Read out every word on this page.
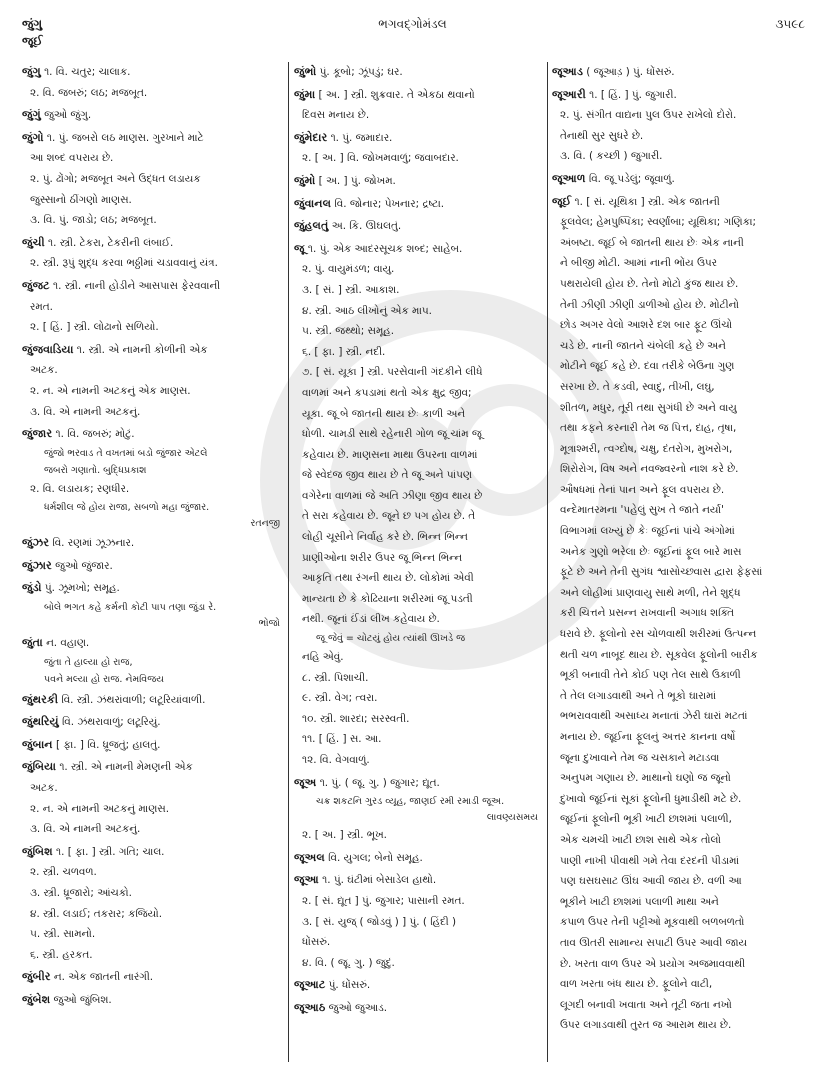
જુંગુ
જૂઈ
ભગવદ્ગોમંડલ	૩૫૯૮
જુંગુ ૧. વિ. ચતુર; ચાલાક.
૨. વિ. જબરું; લઠ; મજબૂત.
જુંગું જુઓ જુંગુ.
જુંગો ૧. પું. જબરો લઠ માણસ. ગુરખાને માટે
આ શબ્દ વપરાય છે.
૨. પું. ઢોંગો; મજબૂત અને ઉદ્ધત લડાયક
જુસ્સાનો ઠીંગણો માણસ.
૩. વિ. પું. જાડો; લઠ; મજબૂત.
જુંચી ૧. સ્ત્રી. ટેકરા, ટેકરીની લંબાઈ.
૨. સ્ત્રી. રૂપું શુદ્ધ કરવા ભઠ્ઠીમાં ચડાવવાનું યંત્ર.
જુંજટ ૧. સ્ત્રી. નાની હોડીને આસપાસ ફેરવવાની
રમત.
૨. [ હિં. ] સ્ત્રી. લોઢાનો સળિયો.
જુંજવાડિયા ૧. સ્ત્રી. એ નામની કોળીની એક
અટક.
૨. ન. એ નામની અટકનું એક માણસ.
૩. વિ. એ નામની અટકનું.
જુંજાર ૧. વિ. જબરું; મોટું.
જુંજો ભરવાડ તે વખતમાં બડો જુંજાર એટલે
જબરો ગણાતો. બુદ્ધિપ્રકાશ
૨. વિ. લડાયક; રણધીર.
ધર્મશીલ જે હોય રાજા, સબળો મહા જુંજાર.
રતનજી
જુંઝર વિ. રણમાં ઝૂઝનાર.
જુંઝાર જુઓ જુંજાર.
જુંડો પું. ઝૂમખો; સમૂહ.
બોલે ભગત કહે કર્મની કોટી પાપ તણા જુંડા રે.
ભોજો
જુંતા ન. વહાણ.
જુંતા તે હાલ્યા હો રાજ,
પવને મલ્યા હો રાજ. નેમવિજય
જુંથરકી વિ. સ્ત્રી. ઝંથરાંવાળી; લટૂરિયાંવાળી.
જુંથરિયું વિ. ઝંથરાવાળું; લટૂરિયું.
જુંબાન [ ફા. ] વિ. ધ્રૂજતું; હાલતું.
જુંબિયા ૧. સ્ત્રી. એ નામની મેમણની એક
અટક.
૨. ન. એ નામની અટકનું માણસ.
૩. વિ. એ નામની અટકનું.
જુંબિશ ૧. [ ફા. ] સ્ત્રી. ગતિ; ચાલ.
૨. સ્ત્રી. ચળવળ.
૩. સ્ત્રી. ધ્રૂજારો; આંચકો.
૪. સ્ત્રી. લડાઈ; તકરાર; કજિયો.
૫. સ્ત્રી. સામનો.
૬. સ્ત્રી. હરકત.
જુંબીર ન. એક જાતની નારંગી.
જુંબેશ જુઓ જુંબિશ.
જુંભો પું. કૂબો; ઝૂંપડું; ઘર.
જુંમા [ અ. ] સ્ત્રી. શુક્રવાર. તે એકઠા થવાનો
દિવસ મનાય છે.
જુંમેદાર ૧. પું. જમાદાર.
૨. [ અ. ] વિ. જોખમવાળું; જવાબદાર.
જુંમો [ અ. ] પું. જોખમ.
જુંવાનલ વિ. જોનાર; પેખનાર; દ્રષ્ટા.
જુંહલતું અ. કિ. ઊઘલતું.
જૂ ૧. પું. એક આદરસૂચક શબ્દ; સાહેબ.
૨. પું. વાયુમંડળ; વાયુ.
૩. [ સં. ] સ્ત્રી. આકાશ.
૪. સ્ત્રી. આઠ લીખોનું એક માપ.
૫. સ્ત્રી. જથ્થો; સમૂહ.
૬. [ ફા. ] સ્ત્રી. નદી.
૭. [ સં. યૂકા ] સ્ત્રી. પરસેવાની ગંદકીને લીધે
વાળમાં અને કપડામાં થતો એક ક્ષુદ્ર જીવ;
યૂકા. જૂ બે જાતની થાય છેઃ કાળી અને
ધોળી. ચામડી સાથે રહેનારી ગોળ જૂ ચાંમ જૂ
કહેવાય છે. માણસના માથા ઉપરના વાળમાં
જે સ્વેદજ જીવ થાય છે તે જૂ અને પાંપણ
વગેરેના વાળમાં જે અતિ ઝીણા જીવ થાય છે
તે સરા કહેવાય છે. જૂને છ પગ હોય છે. તે
લોહી ચૂસીને નિર્વાહ કરે છે. ભિન્ન ભિન્ન
પ્રાણીઓના શરીર ઉપર જૂ ભિન્ન ભિન્ન
આકૃતિ તથા રંગની થાય છે. લોકોમાં એવી
માન્યતા છે કે કોઢિયાના શરીરમાં જૂ પડતી
નથી. જૂનાં ઈંડાં લીખ કહેવાય છે.
જૂ જેવું = ચોટયું હોય ત્યાંથી ઊખડે જ
નહિ એવું.
૮. સ્ત્રી. પિશાચી.
૯. સ્ત્રી. વેગ; ત્વરા.
૧૦. સ્ત્રી. શારદા; સરસ્વતી.
૧૧. [ હિં. ] સ. આ.
૧૨. વિ. વેગવાળું.
જૂઅ ૧. પું. ( જૂ. ગુ. ) જુગાર; દ્યૂત.
ચક્ર શકટનિ ગુરડ વ્યૂહ, જાણઈ રમી રમાડી જૂઅ.
લાવણ્યસમય
૨. [ અ. ] સ્ત્રી. ભૂખ.
જૂઅલ વિ. યુગલ; બેનો સમૂહ.
જૂઆ ૧. પું. ઘંટીમાં બેસાડેલ હાથો.
૨. [ સં. દ્યૂત ] પું. જુગાર; પાસાની રમત.
૩. [ સં. યુજ્ ( જોડવું ) ] પું. ( હિંદી )
ધોંસરું.
૪. વિ. ( જૂ. ગુ. ) જુદું.
જૂઆટ પું. ધોંસરું.
જૂઆઠ જુઓ જુઆડ.
જૂઆડ ( જૂઆડ઼ ) પું. ધોંસરું.
જૂઆરી ૧. [ હિં. ] પું. જુગારી.
૨. પું. સંગીત વાદ્યના પુલ ઉપર રાખેલો દોરો.
તેનાથી સુર સુધરે છે.
૩. વિ. ( કચ્છી ) જુગારી.
જૂઆળ વિ. જૂ પડેલું; જૂવાળું.
જૂઈ ૧. [ સં. યૂથિકા ] સ્ત્રી. એક જાતની
ફૂલવેલ; હેમપુષ્પિકા; સ્વર્ણાંબા; યૂથિકા; ગણિકા;
અંબષ્ટા. જૂઈ બે જાતની થાય છેઃ એક નાની
ને બીજી મોટી. આમાં નાની ભોંય ઉપર
પથરાયેલી હોય છે. તેનો મોટો કુંજ થાય છે.
તેની ઝીણી ઝીણી ડાળીઓ હોય છે. મોટીનો
છોડ અગર વેલો આશરે દશ બાર ફૂટ ઊંચો
ચડે છે. નાની જાતને ચંબેલી કહે છે અને
મોટીને જૂઈ કહે છે. દવા તરીકે બેઉના ગુણ
સરખા છે. તે કડવી, સ્વાદુ, તીખી, લઘુ,
શીતળ, મધુર, તૂરી તથા સુગંધી છે અને વાયુ
તથા કફને કરનારી તેમ જ પિત્ત, દાહ, તૃષા,
મૂત્રાશ્મરી, ત્વગ્દોષ, ચક્ષુ, દંતરોગ, મુખરોગ,
શિરોરોગ, વિષ અને નવજ્વરનો નાશ કરે છે.
ઔષધમાં તેનાં પાન અને ફૂલ વપરાય છે.
વન્દેમાતરમના 'પહેલું સુખ તે જાતે નર્યા'
વિભાગમાં લખ્યું છે કેઃ જૂઈનાં પાંચે અંગોમાં
અનેક ગુણો ભરેલા છેઃ જૂઈનાં ફૂલ બારે માસ
ફૂટે છે અને તેની સુગંધ શ્વાસોચ્છ્વાસ દ્વારા ફેફસાં
અને લોહીમાં પ્રાણવાયુ સાથે મળી, તેને શુદ્ધ
કરી ચિત્તને પ્રસન્ન રાખવાની અગાધ શક્તિ
ધરાવે છે. ફૂલોનો રસ ચોળવાથી શરીરમાં ઉત્પન્ન
થતી ચળ નાબૂદ થાય છે. સૂકવેલ ફૂલોની બારીક
ભૂકી બનાવી તેને કોઈ પણ તેલ સાથે ઉકાળી
તે તેલ લગાડવાથી અને તે ભૂકો ઘારામાં
ભભરાવવાથી અસાધ્ય મનાતાં ઝેરી ઘારાં મટતાં
મનાય છે. જૂઈના ફૂલનું અત્તર કાનના વર્ષો
જૂના દુખાવાને તેમ જ ચસકાને મટાડવા
અનુપમ ગણાય છે. માથાનો ઘણો જ જૂનો
દુખાવો જૂઈનાં સૂકાં ફૂલોની ધુમાડીથી મટે છે.
જૂઈનાં ફૂલોની ભૂકી ખાટી છાશમાં પલાળી,
એક ચમચી ખાટી છાશ સાથે એક તોલો
પાણી નાખી પીવાથી ગમે તેવા દરદની પીડામાં
પણ ઘસઘસાટ ઊંઘ આવી જાય છે. વળી આ
ભૂકીને ખાટી છાશમાં પલાળી માથા અને
કપાળ ઉપર તેની પટ્ટીઓ મૂકવાથી બળબળતો
તાવ ઊતરી સામાન્ય સપાટી ઉપર આવી જાય
છે. ખરતા વાળ ઉપર એ પ્રયોગ અજમાવવાથી
વાળ ખરતા બંધ થાય છે. ફૂલોને વાટી,
લૂગદી બનાવી ખવાતા અને તૂટી જતા નખો
ઉપર લગાડવાથી તુરત જ આરામ થાય છે.
